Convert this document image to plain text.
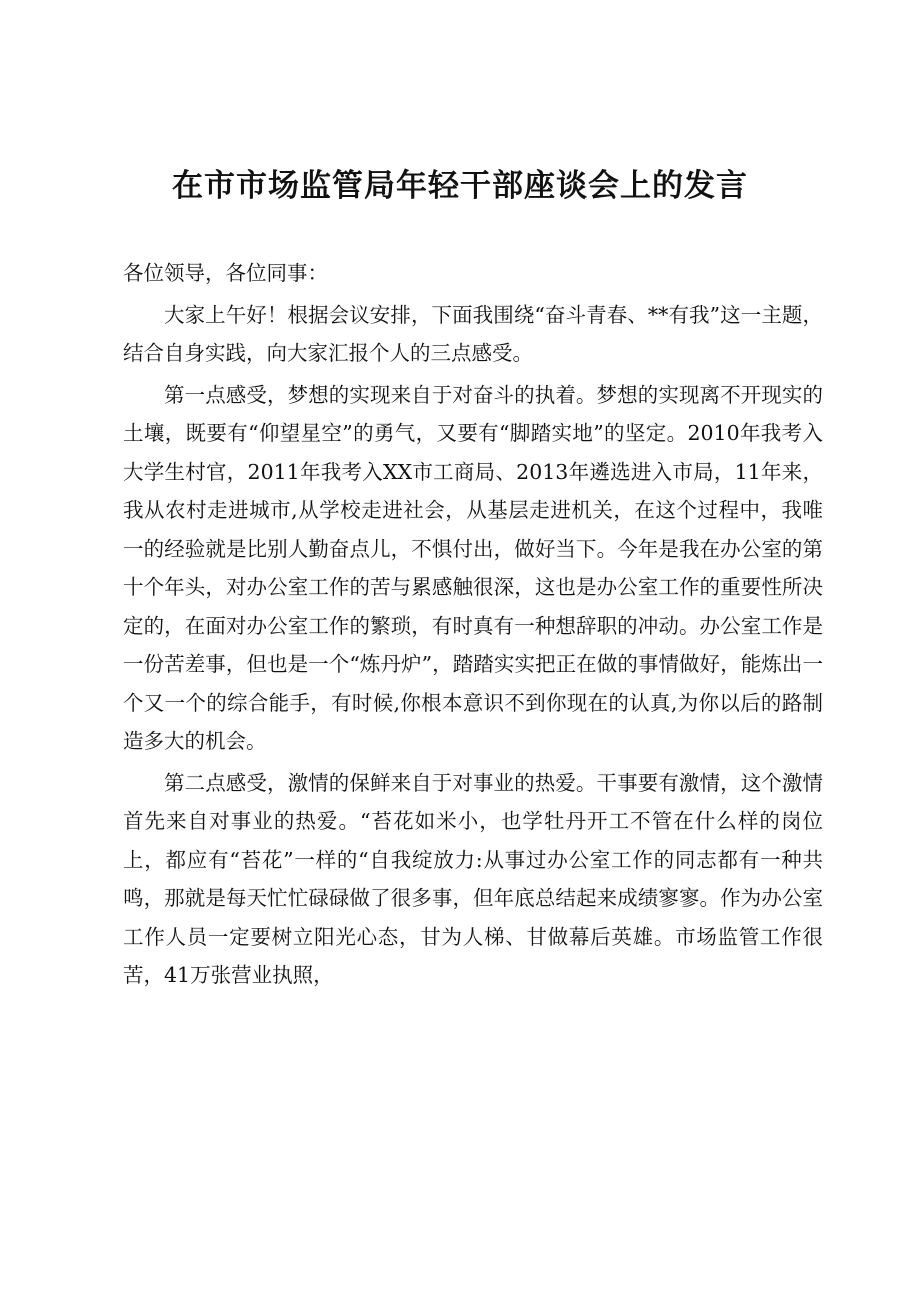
在市市场监管局年轻干部座谈会上的发言

各位领导，各位同事：

大家上午好！根据会议安排，下面我围绕“奋斗青春、**有我”这一主题，结合自身实践，向大家汇报个人的三点感受。

第一点感受，梦想的实现来自于对奋斗的执着。梦想的实现离不开现实的土壤，既要有“仰望星空”的勇气，又要有“脚踏实地”的坚定。2010年我考入大学生村官，2011年我考入XX市工商局、2013年遴选进入市局，11年来，我从农村走进城市,从学校走进社会，从基层走进机关，在这个过程中，我唯一的经验就是比别人勤奋点儿，不惧付出，做好当下。今年是我在办公室的第十个年头，对办公室工作的苦与累感触很深，这也是办公室工作的重要性所决定的，在面对办公室工作的繁琐，有时真有一种想辞职的冲动。办公室工作是一份苦差事，但也是一个“炼丹炉”，踏踏实实把正在做的事情做好，能炼出一个又一个的综合能手，有时候,你根本意识不到你现在的认真,为你以后的路制造多大的机会。

第二点感受，激情的保鲜来自于对事业的热爱。干事要有激情，这个激情首先来自对事业的热爱。“苔花如米小，也学牡丹开工不管在什么样的岗位上，都应有“苔花”一样的“自我绽放力:从事过办公室工作的同志都有一种共鸣，那就是每天忙忙碌碌做了很多事，但年底总结起来成绩寥寥。作为办公室工作人员一定要树立阳光心态，甘为人梯、甘做幕后英雄。市场监管工作很苦，41万张营业执照，
